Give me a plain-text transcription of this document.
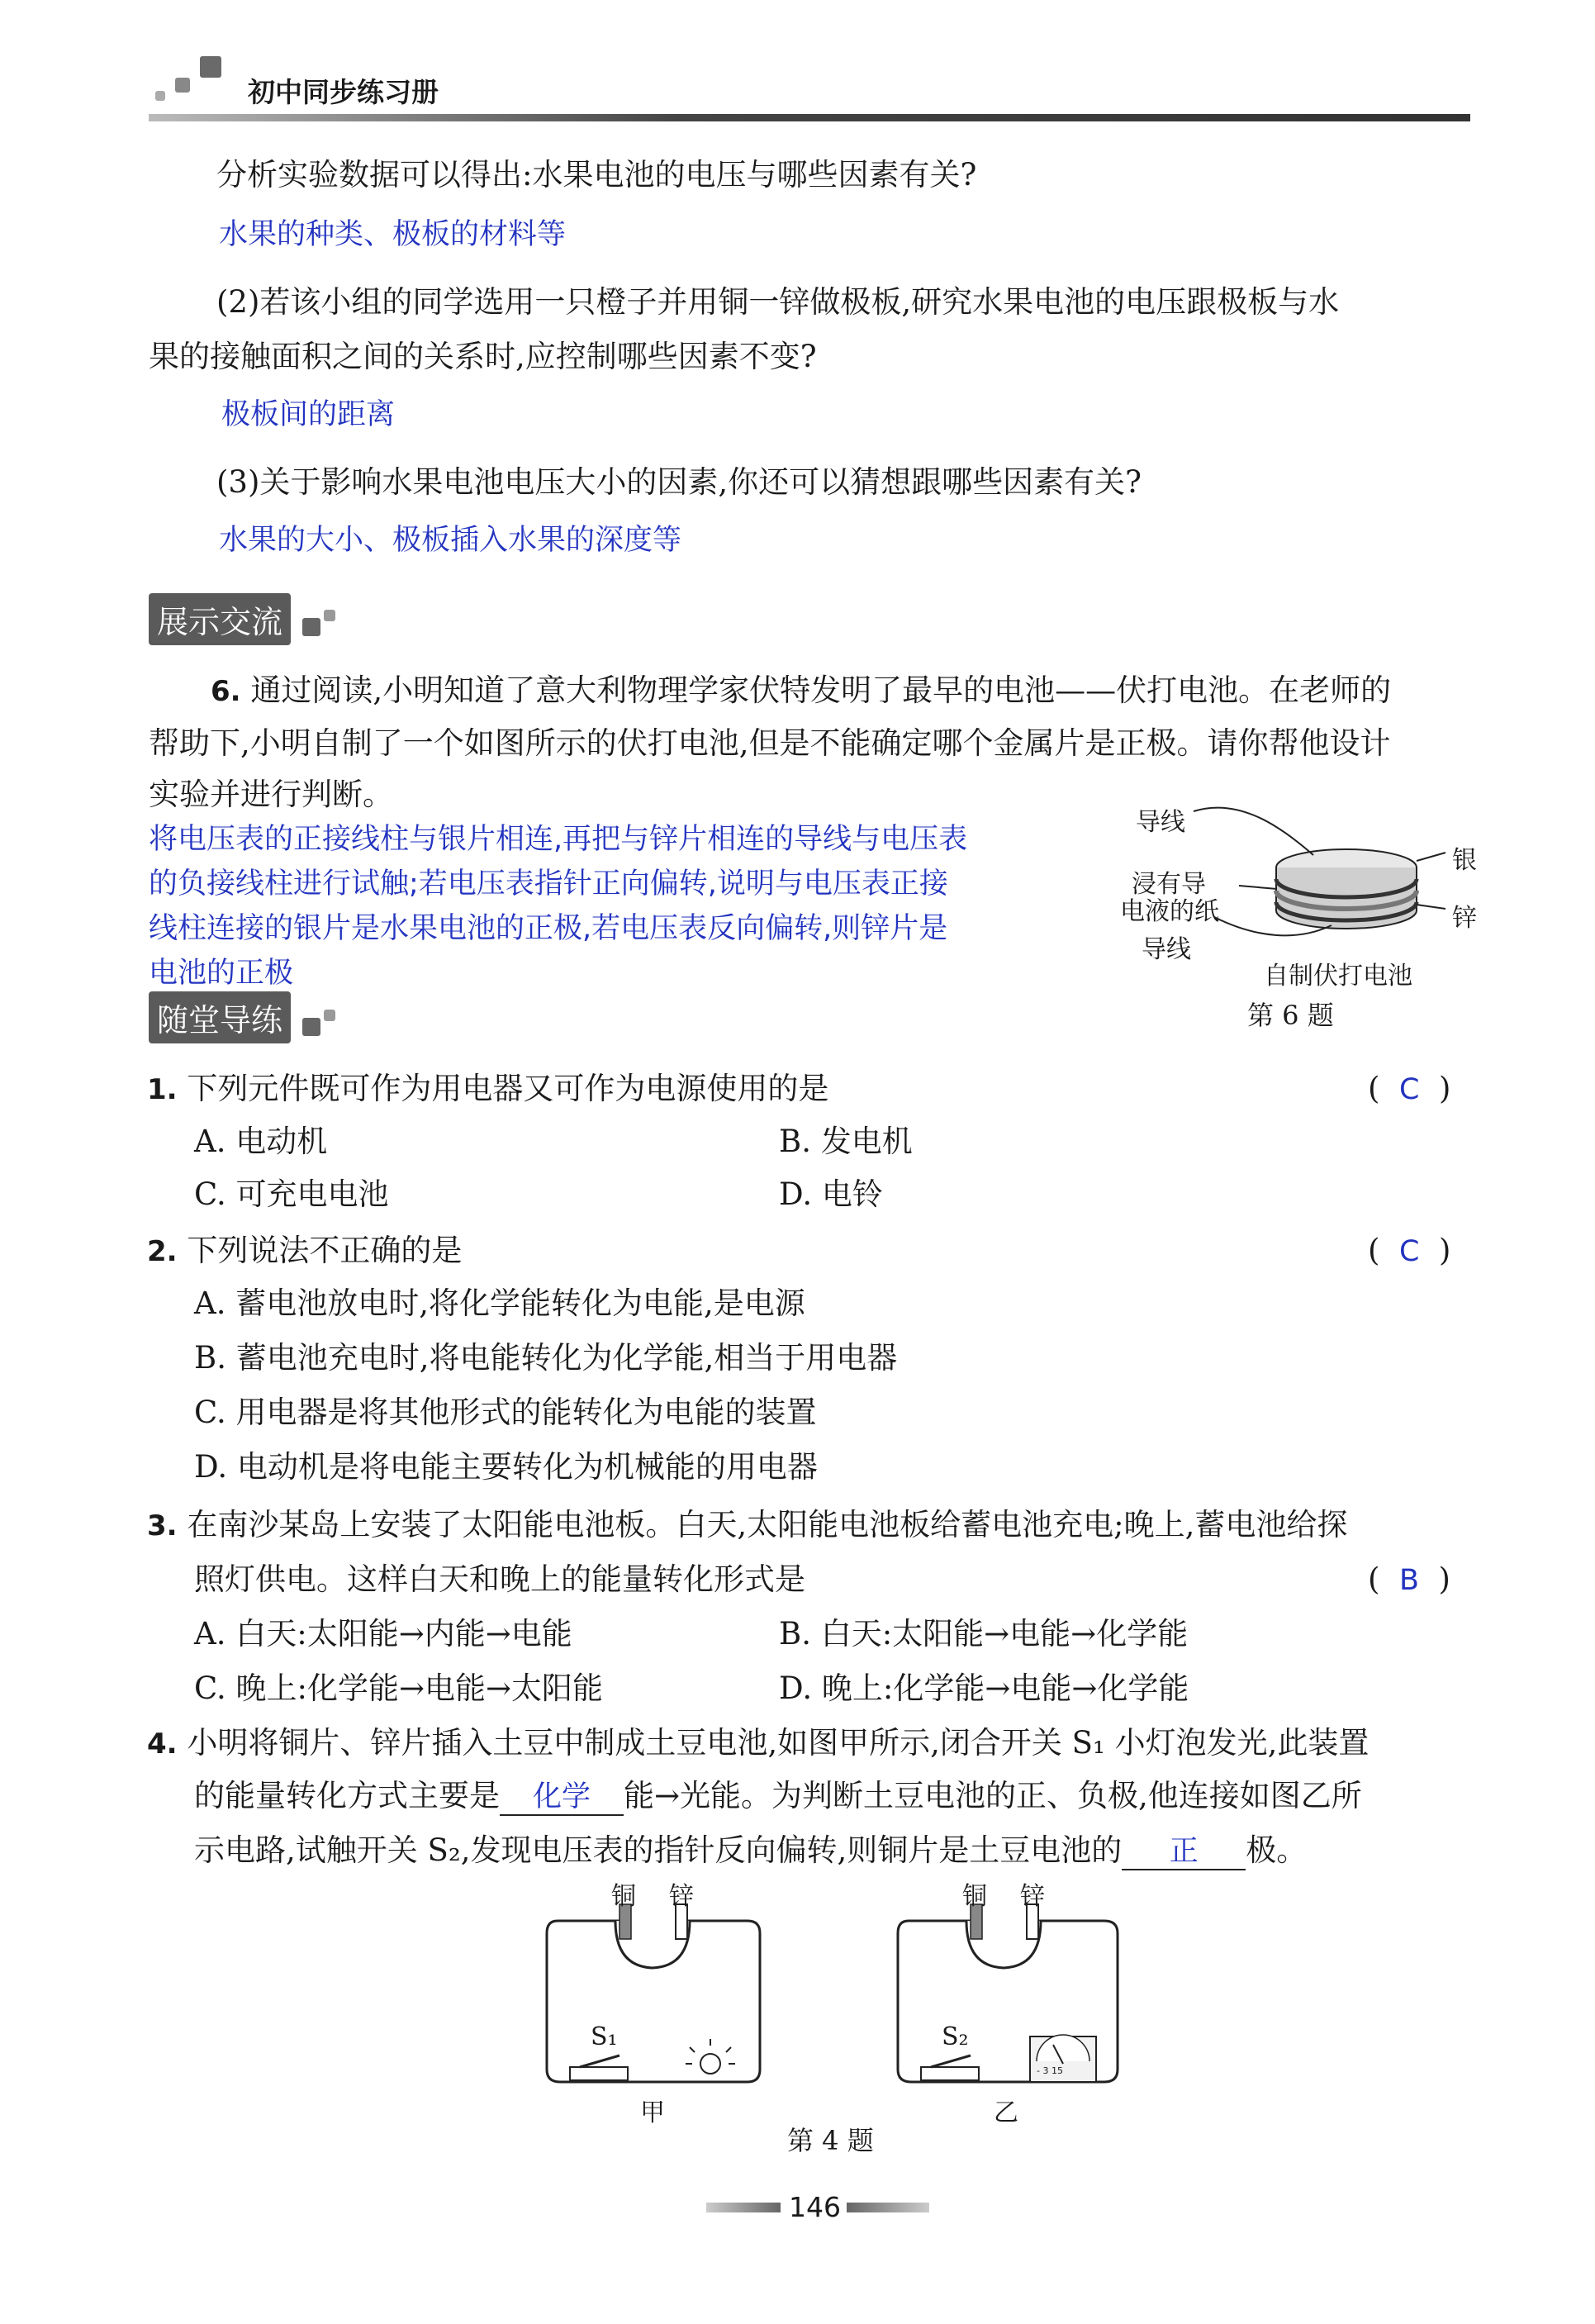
初中同步练习册
分析实验数据可以得出:水果电池的电压与哪些因素有关?
水果的种类、极板的材料等
(2)若该小组的同学选用一只橙子并用铜一锌做极板,研究水果电池的电压跟极板与水
果的接触面积之间的关系时,应控制哪些因素不变?
极板间的距离
(3)关于影响水果电池电压大小的因素,你还可以猜想跟哪些因素有关?
水果的大小、极板插入水果的深度等
展示交流
6. 通过阅读,小明知道了意大利物理学家伏特发明了最早的电池——伏打电池。在老师的
帮助下,小明自制了一个如图所示的伏打电池,但是不能确定哪个金属片是正极。请你帮他设计
实验并进行判断。
将电压表的正接线柱与银片相连,再把与锌片相连的导线与电压表
的负接线柱进行试触;若电压表指针正向偏转,说明与电压表正接
线柱连接的银片是水果电池的正极,若电压表反向偏转,则锌片是
电池的正极
导线
浸有导
电液的纸
导线
银
锌
自制伏打电池
第 6 题
随堂导练
1. 下列元件既可作为用电器又可作为电源使用的是	(  C  )
A. 电动机	B. 发电机
C. 可充电电池	D. 电铃
2. 下列说法不正确的是	(  C  )
A. 蓄电池放电时,将化学能转化为电能,是电源
B. 蓄电池充电时,将电能转化为化学能,相当于用电器
C. 用电器是将其他形式的能转化为电能的装置
D. 电动机是将电能主要转化为机械能的用电器
3. 在南沙某岛上安装了太阳能电池板。白天,太阳能电池板给蓄电池充电;晚上,蓄电池给探
照灯供电。这样白天和晚上的能量转化形式是	(  B  )
A. 白天:太阳能→内能→电能	B. 白天:太阳能→电能→化学能
C. 晚上:化学能→电能→太阳能	D. 晚上:化学能→电能→化学能
4. 小明将铜片、锌片插入土豆中制成土豆电池,如图甲所示,闭合开关 S₁ 小灯泡发光,此装置
的能量转化方式主要是 化学 能→光能。为判断土豆电池的正、负极,他连接如图乙所
示电路,试触开关 S₂,发现电压表的指针反向偏转,则铜片是土豆电池的 正 极。
铜 锌
S₁
甲
铜 锌
S₂
- 3 15
乙
第 4 题
146
